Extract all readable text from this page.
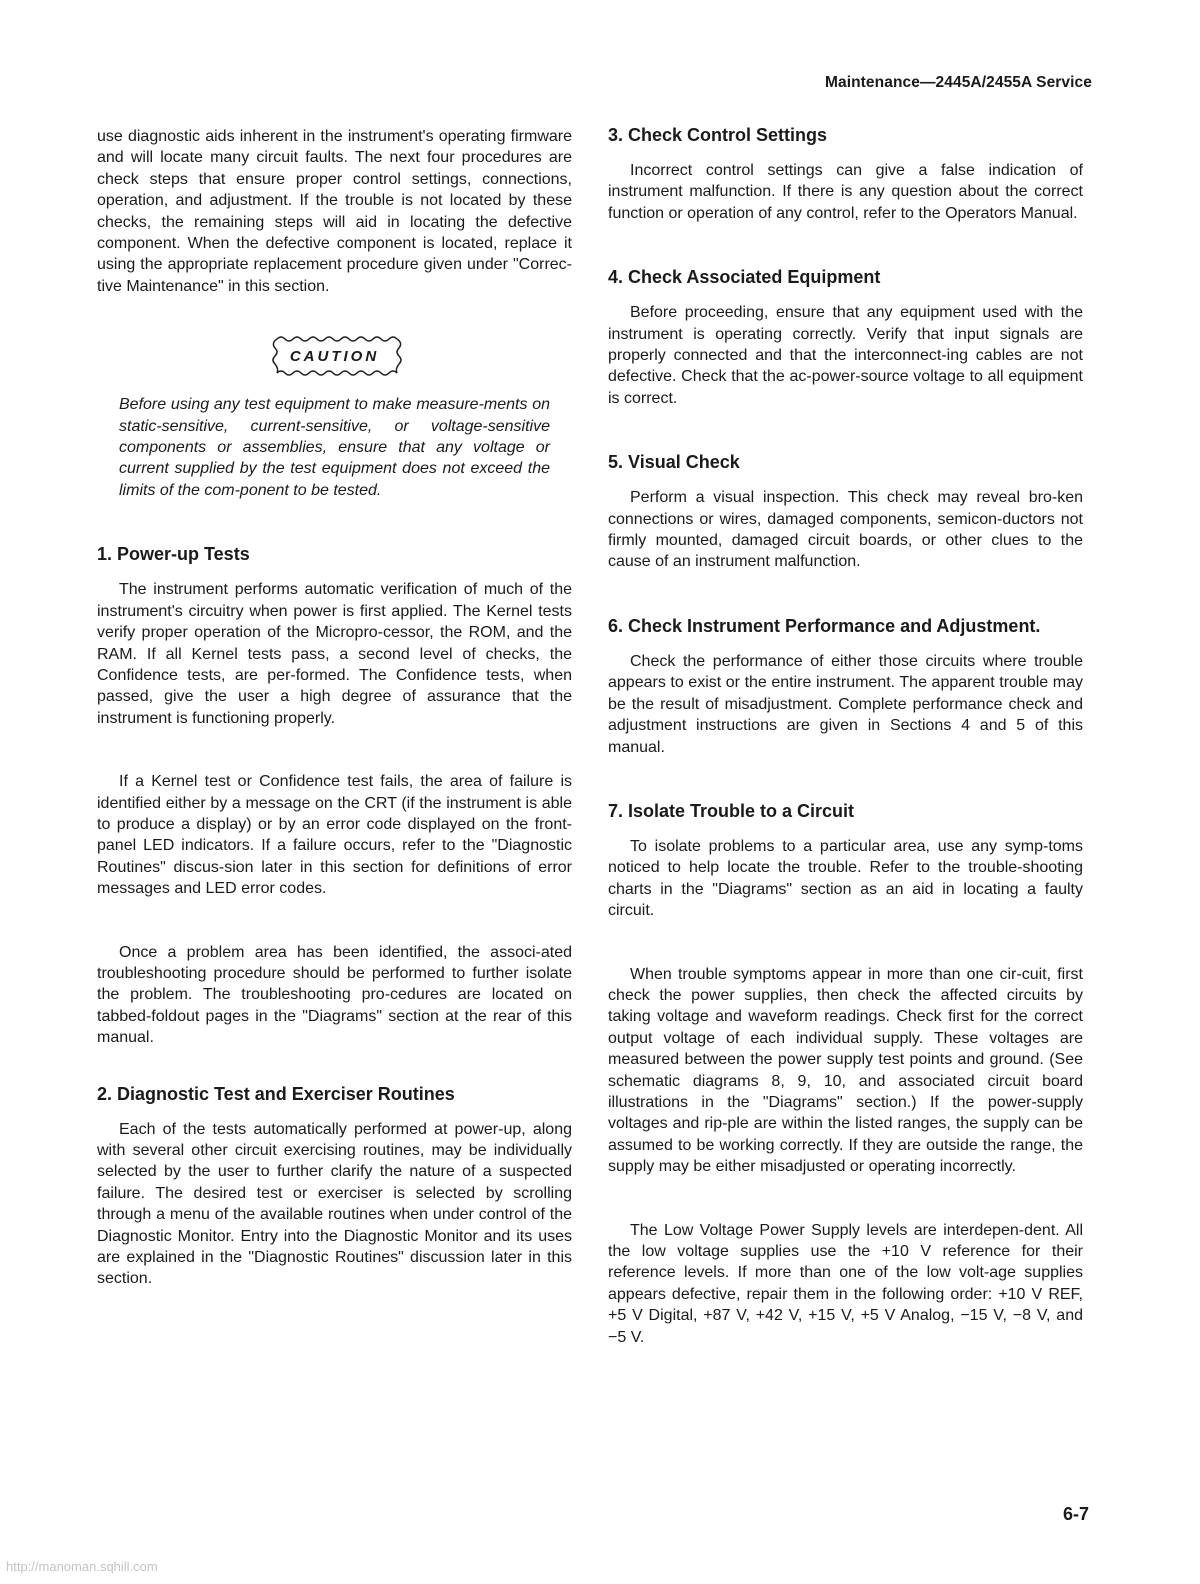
Maintenance—2445A/2455A Service

use diagnostic aids inherent in the instrument's operating firmware and will locate many circuit faults. The next four procedures are check steps that ensure proper control settings, connections, operation, and adjustment. If the trouble is not located by these checks, the remaining steps will aid in locating the defective component. When the defective component is located, replace it using the appropriate replacement procedure given under "Correc-tive Maintenance" in this section.

CAUTION

Before using any test equipment to make measure-ments on static-sensitive, current-sensitive, or voltage-sensitive components or assemblies, ensure that any voltage or current supplied by the test equipment does not exceed the limits of the com-ponent to be tested.

1. Power-up Tests

The instrument performs automatic verification of much of the instrument's circuitry when power is first applied. The Kernel tests verify proper operation of the Micropro-cessor, the ROM, and the RAM. If all Kernel tests pass, a second level of checks, the Confidence tests, are per-formed. The Confidence tests, when passed, give the user a high degree of assurance that the instrument is functioning properly.

If a Kernel test or Confidence test fails, the area of failure is identified either by a message on the CRT (if the instrument is able to produce a display) or by an error code displayed on the front-panel LED indicators. If a failure occurs, refer to the "Diagnostic Routines" discus-sion later in this section for definitions of error messages and LED error codes.

Once a problem area has been identified, the associ-ated troubleshooting procedure should be performed to further isolate the problem. The troubleshooting pro-cedures are located on tabbed-foldout pages in the "Diagrams" section at the rear of this manual.

2. Diagnostic Test and Exerciser Routines

Each of the tests automatically performed at power-up, along with several other circuit exercising routines, may be individually selected by the user to further clarify the nature of a suspected failure. The desired test or exerciser is selected by scrolling through a menu of the available routines when under control of the Diagnostic Monitor. Entry into the Diagnostic Monitor and its uses are explained in the "Diagnostic Routines" discussion later in this section.

3. Check Control Settings

Incorrect control settings can give a false indication of instrument malfunction. If there is any question about the correct function or operation of any control, refer to the Operators Manual.

4. Check Associated Equipment

Before proceeding, ensure that any equipment used with the instrument is operating correctly. Verify that input signals are properly connected and that the interconnect-ing cables are not defective. Check that the ac-power-source voltage to all equipment is correct.

5. Visual Check

Perform a visual inspection. This check may reveal bro-ken connections or wires, damaged components, semicon-ductors not firmly mounted, damaged circuit boards, or other clues to the cause of an instrument malfunction.

6. Check Instrument Performance and Adjustment.

Check the performance of either those circuits where trouble appears to exist or the entire instrument. The apparent trouble may be the result of misadjustment. Complete performance check and adjustment instructions are given in Sections 4 and 5 of this manual.

7. Isolate Trouble to a Circuit

To isolate problems to a particular area, use any symp-toms noticed to help locate the trouble. Refer to the trouble-shooting charts in the "Diagrams" section as an aid in locating a faulty circuit.

When trouble symptoms appear in more than one cir-cuit, first check the power supplies, then check the affected circuits by taking voltage and waveform readings. Check first for the correct output voltage of each individual supply. These voltages are measured between the power supply test points and ground. (See schematic diagrams 8, 9, 10, and associated circuit board illustrations in the "Diagrams" section.) If the power-supply voltages and rip-ple are within the listed ranges, the supply can be assumed to be working correctly. If they are outside the range, the supply may be either misadjusted or operating incorrectly.

The Low Voltage Power Supply levels are interdepen-dent. All the low voltage supplies use the +10 V reference for their reference levels. If more than one of the low volt-age supplies appears defective, repair them in the following order: +10 V REF, +5 V Digital, +87 V, +42 V, +15 V, +5 V Analog, −15 V, −8 V, and −5 V.

6-7
http://manoman.sqhill.com
